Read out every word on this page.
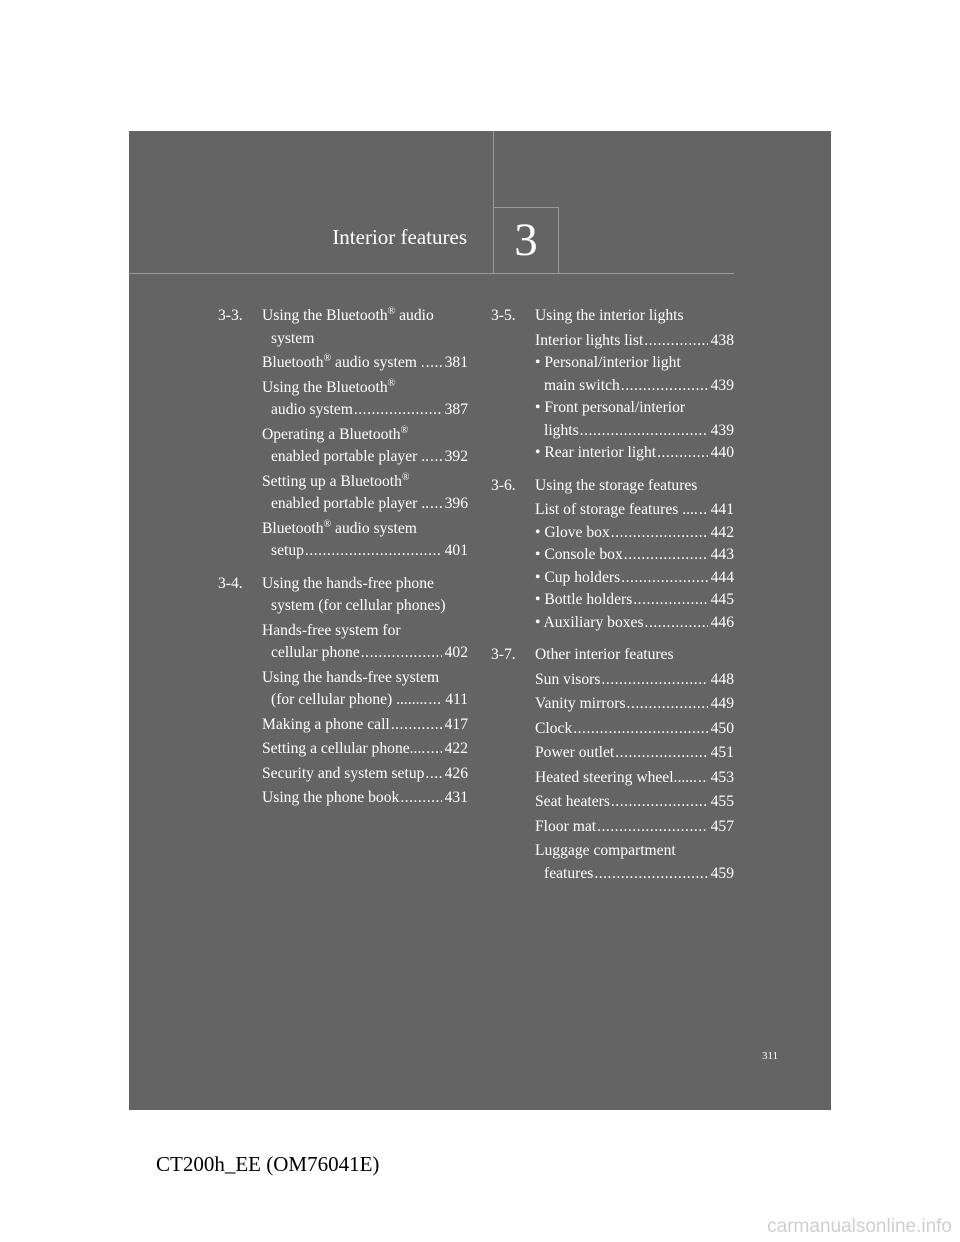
3
Interior features
3-3. Using the Bluetooth® audio
system
Bluetooth® audio system . ..... 381
Using the Bluetooth®
audio system .....	387
Operating a Bluetooth®
enabled portable player .. ..... 392
Setting up a Bluetooth®
enabled portable player .. ..... 396
Bluetooth® audio system
setup .....	401
3-4. Using the hands-free phone
system (for cellular phones)
Hands-free system for
cellular phone .....	402
Using the hands-free system
(for cellular phone) ........ ..... 411
Making a phone call .....	417
Setting a cellular phone.... ..... 422
Security and system setup ..... 426
Using the phone book .....	431
3-5. Using the interior lights
Interior lights list .....	438
• Personal/interior light
main switch .....	439
• Front personal/interior
lights .....	439
• Rear interior light .....	440
3-6. Using the storage features
List of storage features .... ..... 441
• Glove box .....	442
• Console box .....	443
• Cup holders .....	444
• Bottle holders .....	445
• Auxiliary boxes .....	446
3-7. Other interior features
Sun visors .....	448
Vanity mirrors .....	449
Clock .....	450
Power outlet .....	451
Heated steering wheel...... ..... 453
Seat heaters .....	455
Floor mat .....	457
Luggage compartment
features .....	459
311
CT200h_EE (OM76041E)
carmanualsonline.info
